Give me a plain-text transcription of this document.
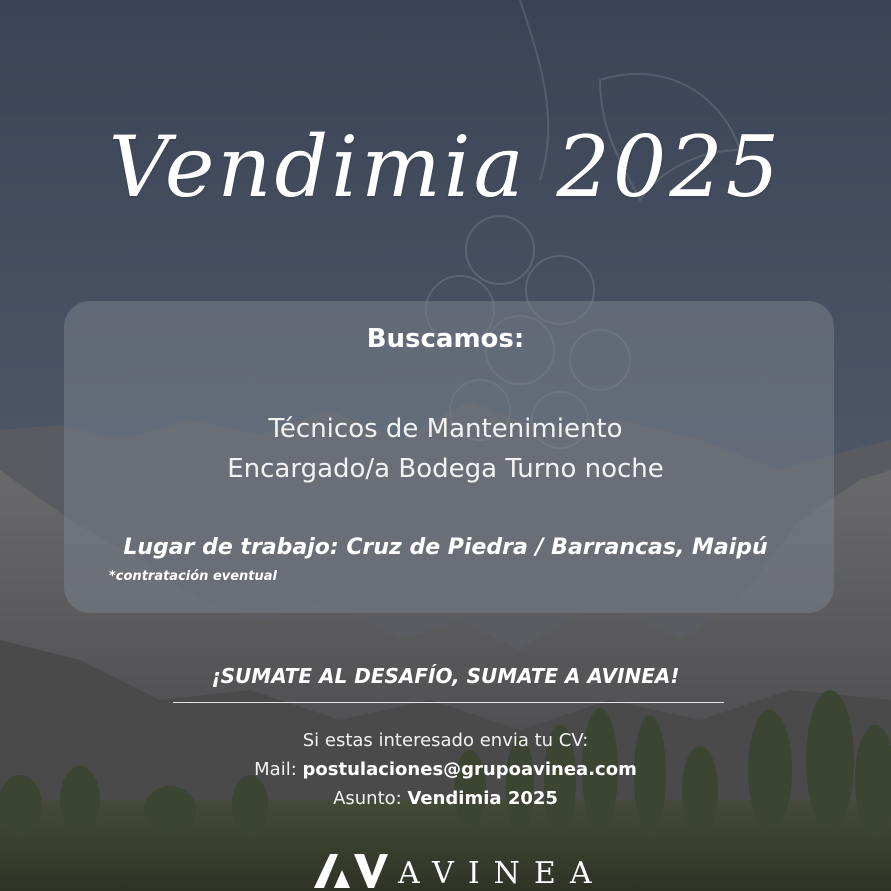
Vendimia 2025
Buscamos:
Técnicos de Mantenimiento
Encargado/a Bodega Turno noche
Lugar de trabajo: Cruz de Piedra / Barrancas, Maipú
*contratación eventual
¡SUMATE AL DESAFÍO, SUMATE A AVINEA!
Si estas interesado envia tu CV:
Mail: postulaciones@grupoavinea.com
Asunto: Vendimia 2025
AVINEA
